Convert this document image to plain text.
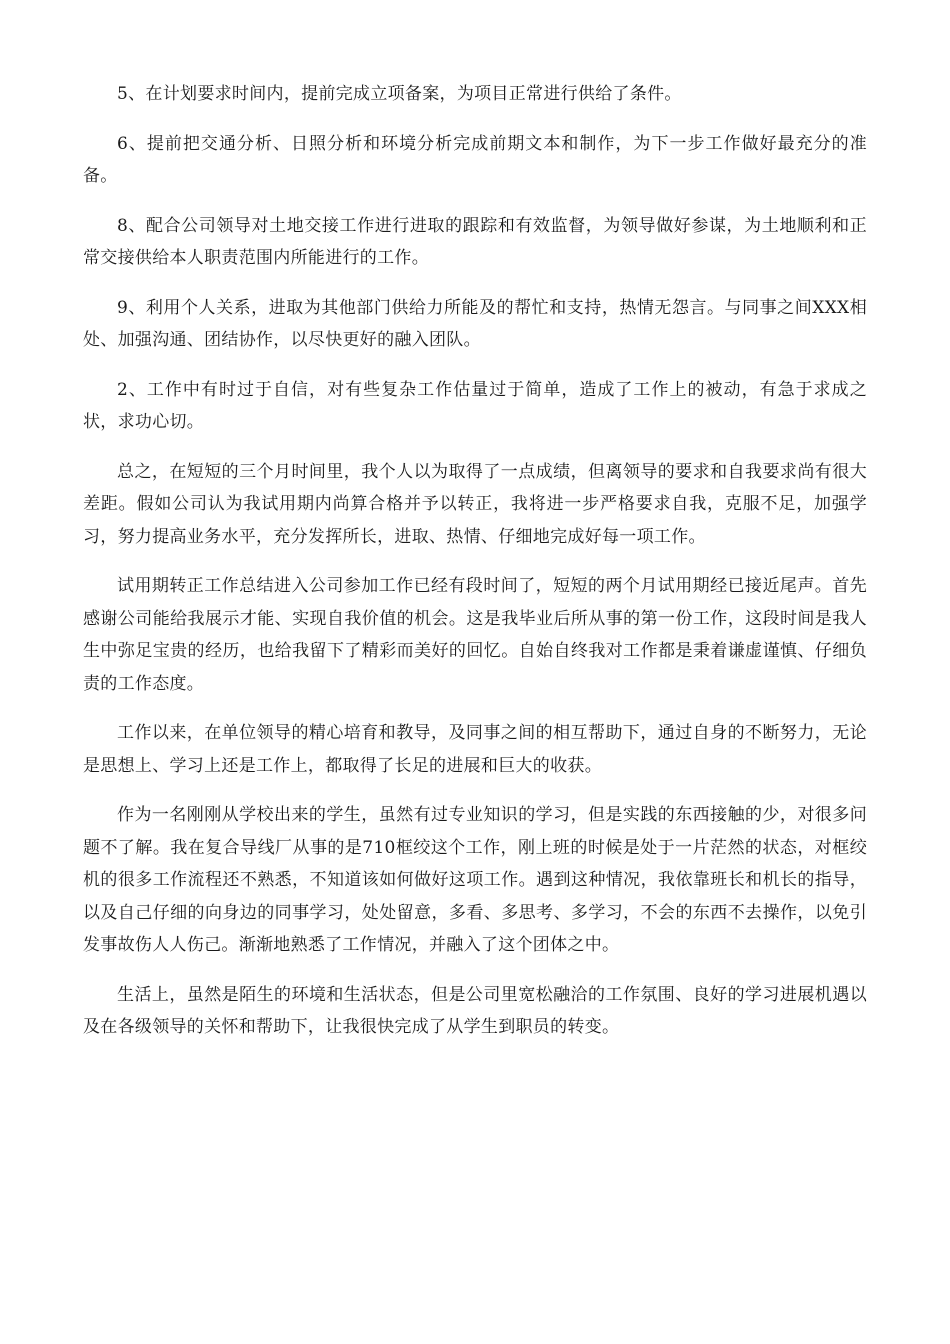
5、在计划要求时间内，提前完成立项备案，为项目正常进行供给了条件。

6、提前把交通分析、日照分析和环境分析完成前期文本和制作，为下一步工作做好最充分的准备。

8、配合公司领导对土地交接工作进行进取的跟踪和有效监督，为领导做好参谋，为土地顺利和正常交接供给本人职责范围内所能进行的工作。

9、利用个人关系，进取为其他部门供给力所能及的帮忙和支持，热情无怨言。与同事之间XXX相处、加强沟通、团结协作，以尽快更好的融入团队。

2、工作中有时过于自信，对有些复杂工作估量过于简单，造成了工作上的被动，有急于求成之状，求功心切。

总之，在短短的三个月时间里，我个人以为取得了一点成绩，但离领导的要求和自我要求尚有很大差距。假如公司认为我试用期内尚算合格并予以转正，我将进一步严格要求自我，克服不足，加强学习，努力提高业务水平，充分发挥所长，进取、热情、仔细地完成好每一项工作。

试用期转正工作总结进入公司参加工作已经有段时间了，短短的两个月试用期经已接近尾声。首先感谢公司能给我展示才能、实现自我价值的机会。这是我毕业后所从事的第一份工作，这段时间是我人生中弥足宝贵的经历，也给我留下了精彩而美好的回忆。自始自终我对工作都是秉着谦虚谨慎、仔细负责的工作态度。

工作以来，在单位领导的精心培育和教导，及同事之间的相互帮助下，通过自身的不断努力，无论是思想上、学习上还是工作上，都取得了长足的进展和巨大的收获。

作为一名刚刚从学校出来的学生，虽然有过专业知识的学习，但是实践的东西接触的少，对很多问题不了解。我在复合导线厂从事的是710框绞这个工作，刚上班的时候是处于一片茫然的状态，对框绞机的很多工作流程还不熟悉，不知道该如何做好这项工作。遇到这种情况，我依靠班长和机长的指导，以及自己仔细的向身边的同事学习，处处留意，多看、多思考、多学习，不会的东西不去操作，以免引发事故伤人人伤己。渐渐地熟悉了工作情况，并融入了这个团体之中。

生活上，虽然是陌生的环境和生活状态，但是公司里宽松融洽的工作氛围、良好的学习进展机遇以及在各级领导的关怀和帮助下，让我很快完成了从学生到职员的转变。
